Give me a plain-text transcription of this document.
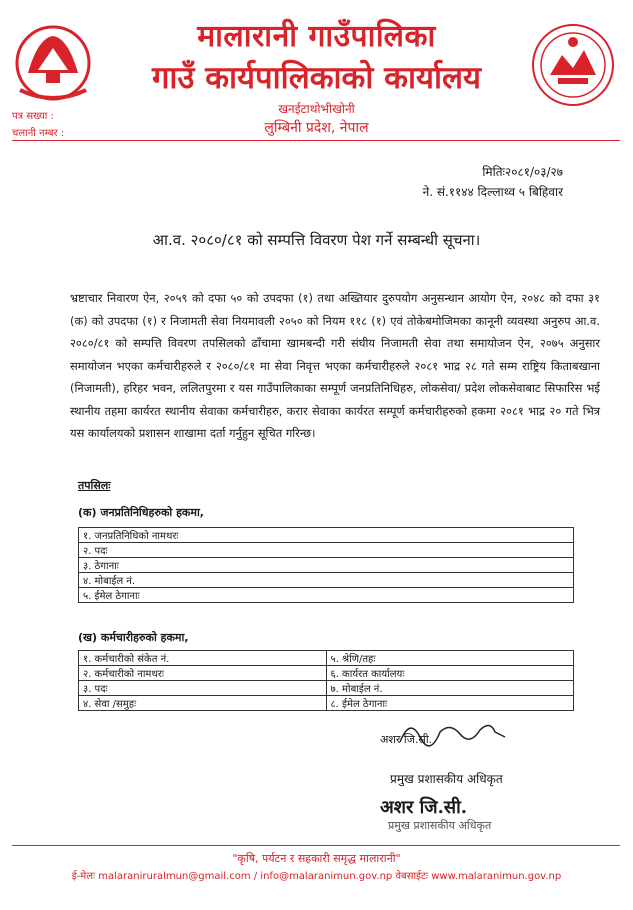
मालारानी गाउँपालिका
गाउँ कार्यपालिकाको कार्यालय
खनईटाथोभीखोनी
लुम्बिनी प्रदेश, नेपाल
पत्र सख्या :
चलानी नम्बर :
मितिः२०८१/०३/२७
ने. सं.११४४ दिल्लाथ्व ५ बिहिवार
आ.व. २०८०/८१ को सम्पत्ति विवरण पेश गर्ने सम्बन्धी सूचना।
भ्रष्टाचार निवारण ऐन, २०५९ को दफा ५० को उपदफा (१) तथा अख्तियार दुरुपयोग अनुसन्धान आयोग ऐन, २०४८ को दफा ३१ (क) को उपदफा (१) र निजामती सेवा नियमावली २०५० को नियम ११८ (१) एवं तोकेबमोजिमका कानूनी व्यवस्था अनुरुप आ.व. २०८०/८१ को सम्पत्ति विवरण तपसिलको ढाँचामा खामबन्दी गरी संघीय निजामती सेवा तथा समायोजन ऐन, २०७५ अनुसार समायोजन भएका कर्मचारीहरुले र २०८०/८१ मा सेवा निवृत्त भएका कर्मचारीहरुले २०८१ भाद्र २८ गते सम्म राष्ट्रिय किताबखाना (निजामती), हरिहर भवन, ललितपुरमा र यस गाउँपालिकाका सम्पूर्ण जनप्रतिनिधिहरु, लोकसेवा/ प्रदेश लोकसेवाबाट सिफारिस भई स्थानीय तहमा कार्यरत स्थानीय सेवाका कर्मचारीहरु, करार सेवाका कार्यरत सम्पूर्ण कर्मचारीहरुको हकमा २०८१ भाद्र २० गते भित्र यस कार्यालयको प्रशासन शाखामा दर्ता गर्नुहुन सूचित गरिन्छ।
तपसिलः
(क) जनप्रतिनिधिहरुको हकमा,
१. जनप्रतिनिधिको नामथरः
२. पदः
३. ठेगानाः
४. मोबाईल नं.
५. ईमेल ठेगानाः
(ख) कर्मचारीहरुको हकमा,
१. कर्मचारीको संकेत नं.	५. श्रेणि/तहः
२. कर्मचारीको नामथरः	६. कार्यरत कार्यालयः
३. पदः	७. मोबाईल नं.
४. सेवा /समुहः	८. ईमेल ठेगानाः
अशर जि.सी.
प्रमुख प्रशासकीय अधिकृत
अशर जि.सी.
प्रमुख प्रशासकीय अधिकृत
"कृषि, पर्यटन र सहकारी समृद्ध मालारानी"
ई-मेलः malaraniruralmun@gmail.com / info@malaranimun.gov.np वेबसाईटः www.malaranimun.gov.np
